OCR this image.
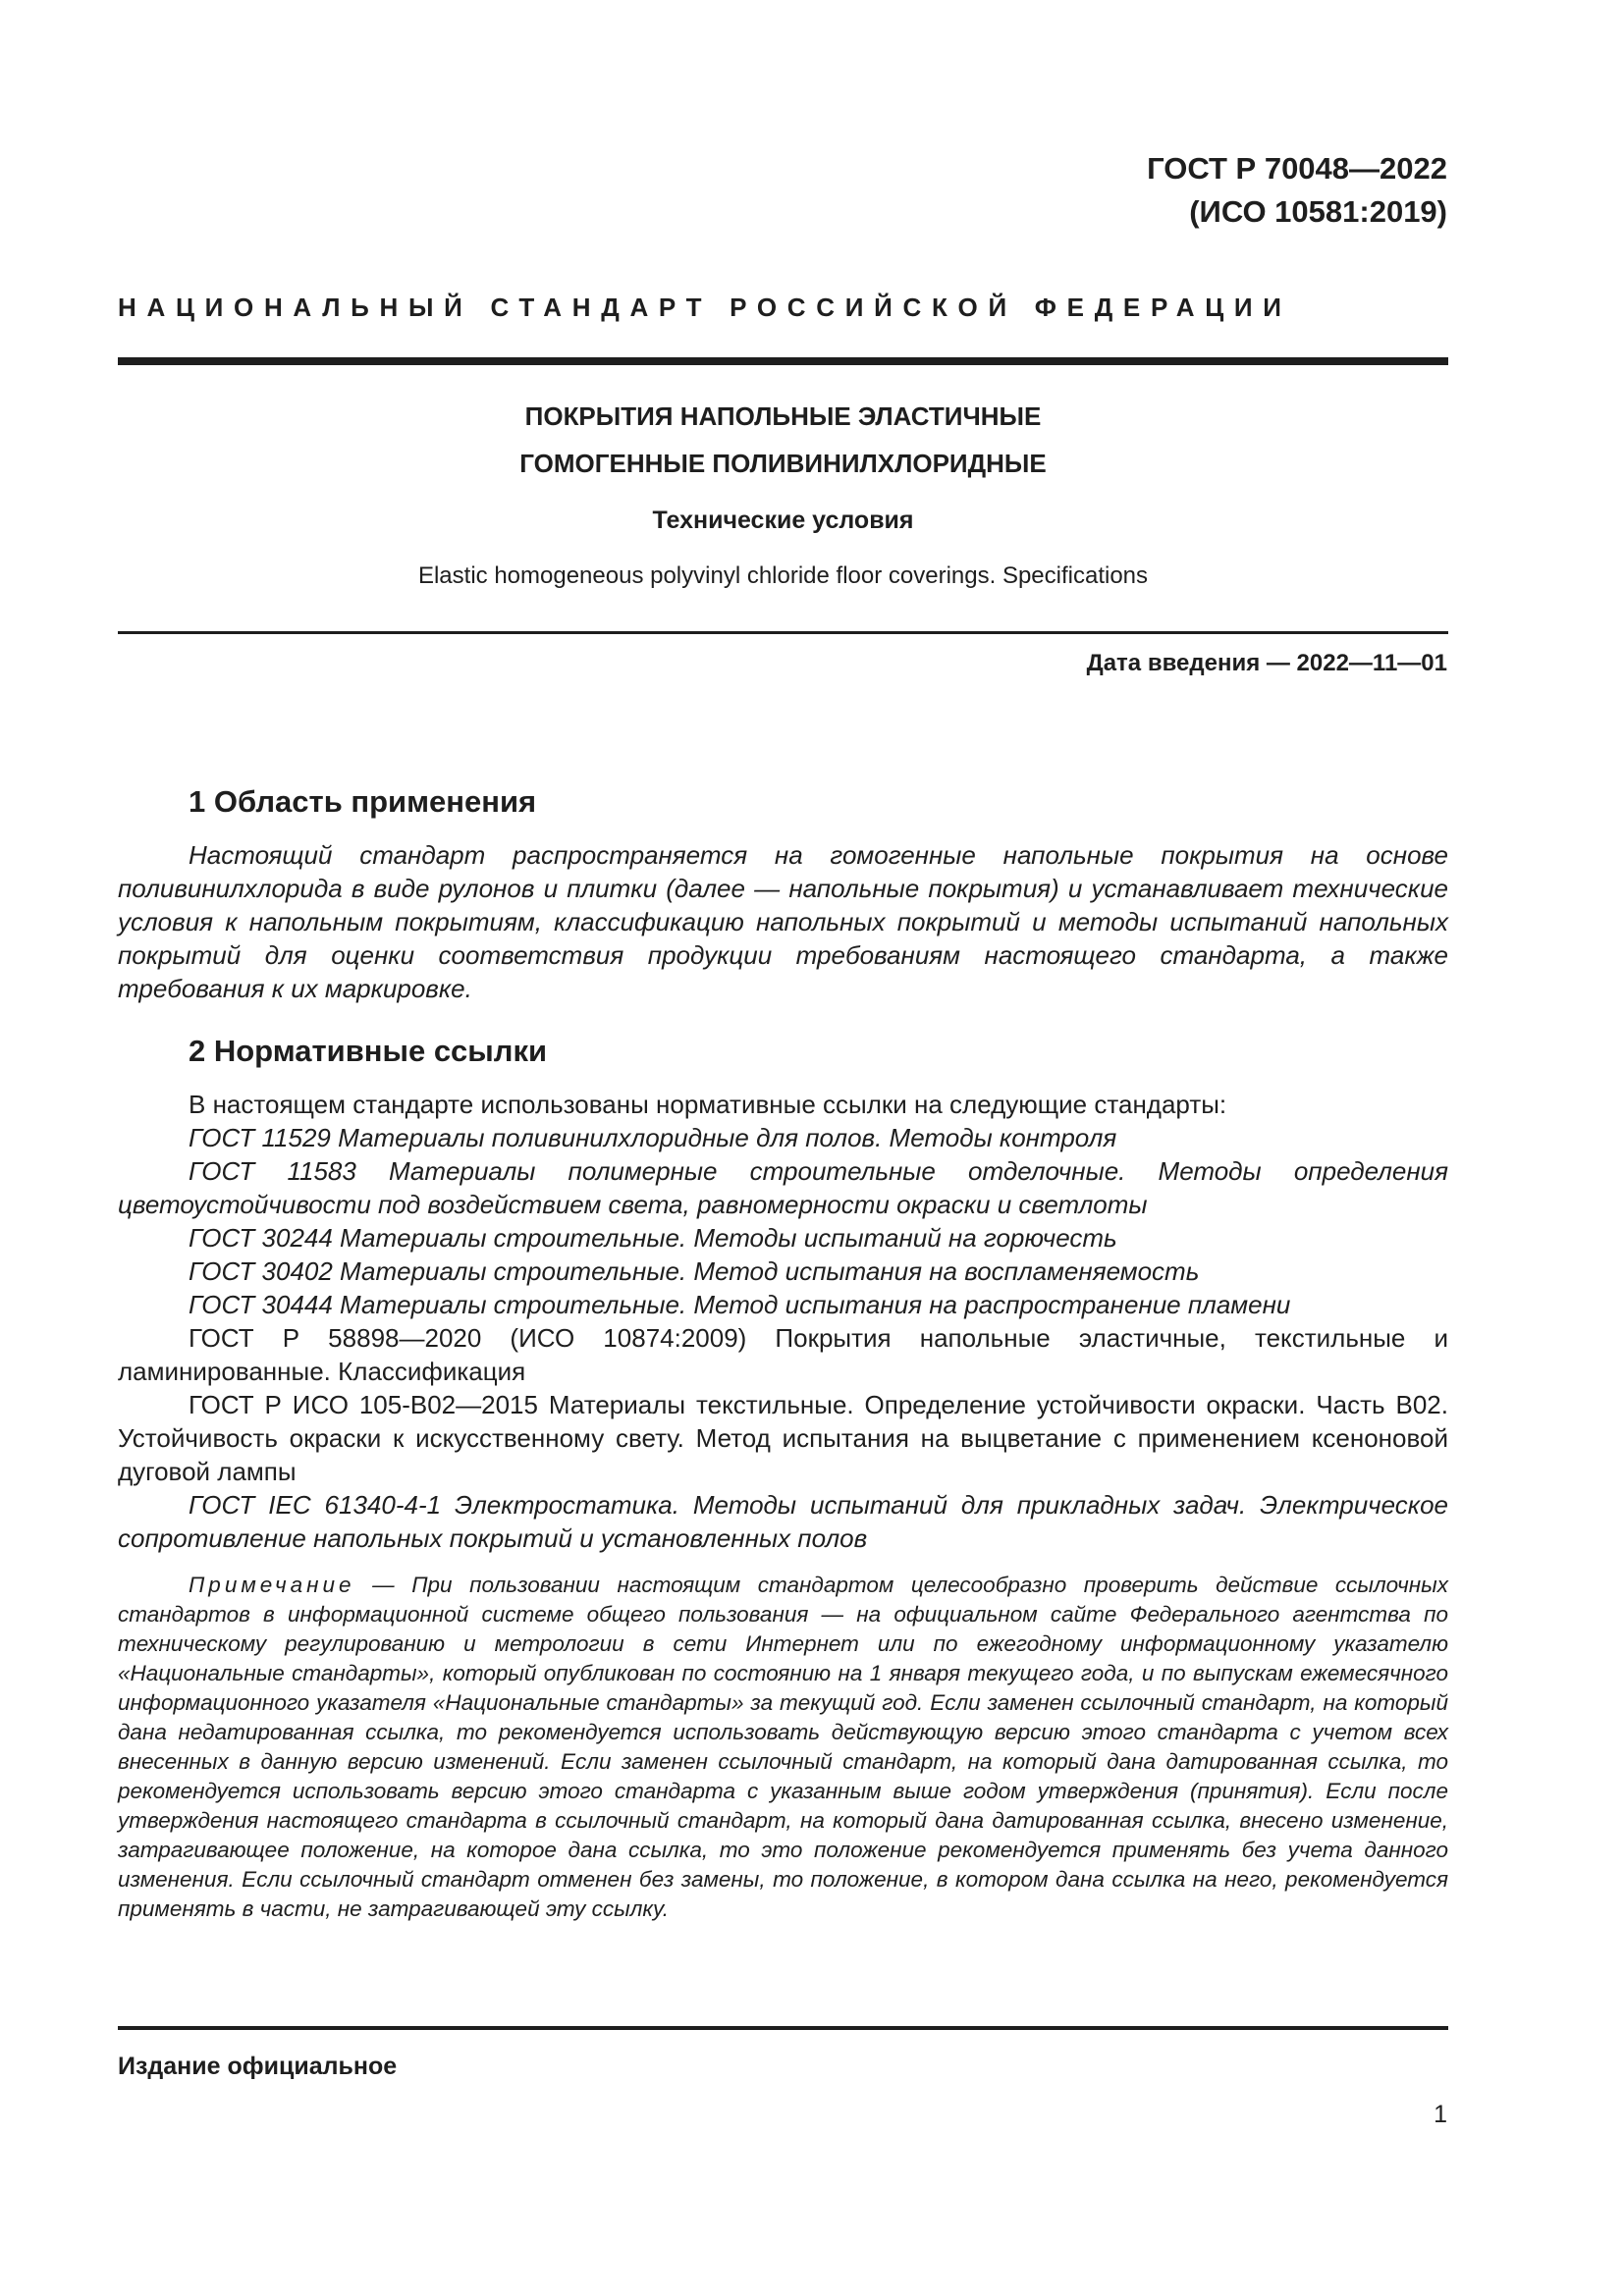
ГОСТ Р 70048—2022
(ИСО 10581:2019)
НАЦИОНАЛЬНЫЙ СТАНДАРТ РОССИЙСКОЙ ФЕДЕРАЦИИ
ПОКРЫТИЯ НАПОЛЬНЫЕ ЭЛАСТИЧНЫЕ
ГОМОГЕННЫЕ ПОЛИВИНИЛХЛОРИДНЫЕ
Технические условия
Elastic homogeneous polyvinyl chloride floor coverings. Specifications
Дата введения — 2022—11—01
1 Область применения

Настоящий стандарт распространяется на гомогенные напольные покрытия на основе поливинилхлорида в виде рулонов и плитки (далее — напольные покрытия) и устанавливает технические условия к напольным покрытиям, классификацию напольных покрытий и методы испытаний напольных покрытий для оценки соответствия продукции требованиям настоящего стандарта, а также требования к их маркировке.

2 Нормативные ссылки

В настоящем стандарте использованы нормативные ссылки на следующие стандарты:

ГОСТ 11529 Материалы поливинилхлоридные для полов. Методы контроля

ГОСТ 11583 Материалы полимерные строительные отделочные. Методы определения цветоустойчивости под воздействием света, равномерности окраски и светлоты

ГОСТ 30244 Материалы строительные. Методы испытаний на горючесть

ГОСТ 30402 Материалы строительные. Метод испытания на воспламеняемость

ГОСТ 30444 Материалы строительные. Метод испытания на распространение пламени

ГОСТ Р 58898—2020 (ИСО 10874:2009) Покрытия напольные эластичные, текстильные и ламинированные. Классификация

ГОСТ Р ИСО 105-В02—2015 Материалы текстильные. Определение устойчивости окраски. Часть В02. Устойчивость окраски к искусственному свету. Метод испытания на выцветание с применением ксеноновой дуговой лампы

ГОСТ IEC 61340-4-1 Электростатика. Методы испытаний для прикладных задач. Электрическое сопротивление напольных покрытий и установленных полов

Примечание — При пользовании настоящим стандартом целесообразно проверить действие ссылочных стандартов в информационной системе общего пользования — на официальном сайте Федерального агентства по техническому регулированию и метрологии в сети Интернет или по ежегодному информационному указателю «Национальные стандарты», который опубликован по состоянию на 1 января текущего года, и по выпускам ежемесячного информационного указателя «Национальные стандарты» за текущий год. Если заменен ссылочный стандарт, на который дана недатированная ссылка, то рекомендуется использовать действующую версию этого стандарта с учетом всех внесенных в данную версию изменений. Если заменен ссылочный стандарт, на который дана датированная ссылка, то рекомендуется использовать версию этого стандарта с указанным выше годом утверждения (принятия). Если после утверждения настоящего стандарта в ссылочный стандарт, на который дана датированная ссылка, внесено изменение, затрагивающее положение, на которое дана ссылка, то это положение рекомендуется применять без учета данного изменения. Если ссылочный стандарт отменен без замены, то положение, в котором дана ссылка на него, рекомендуется применять в части, не затрагивающей эту ссылку.
Издание официальное
1
